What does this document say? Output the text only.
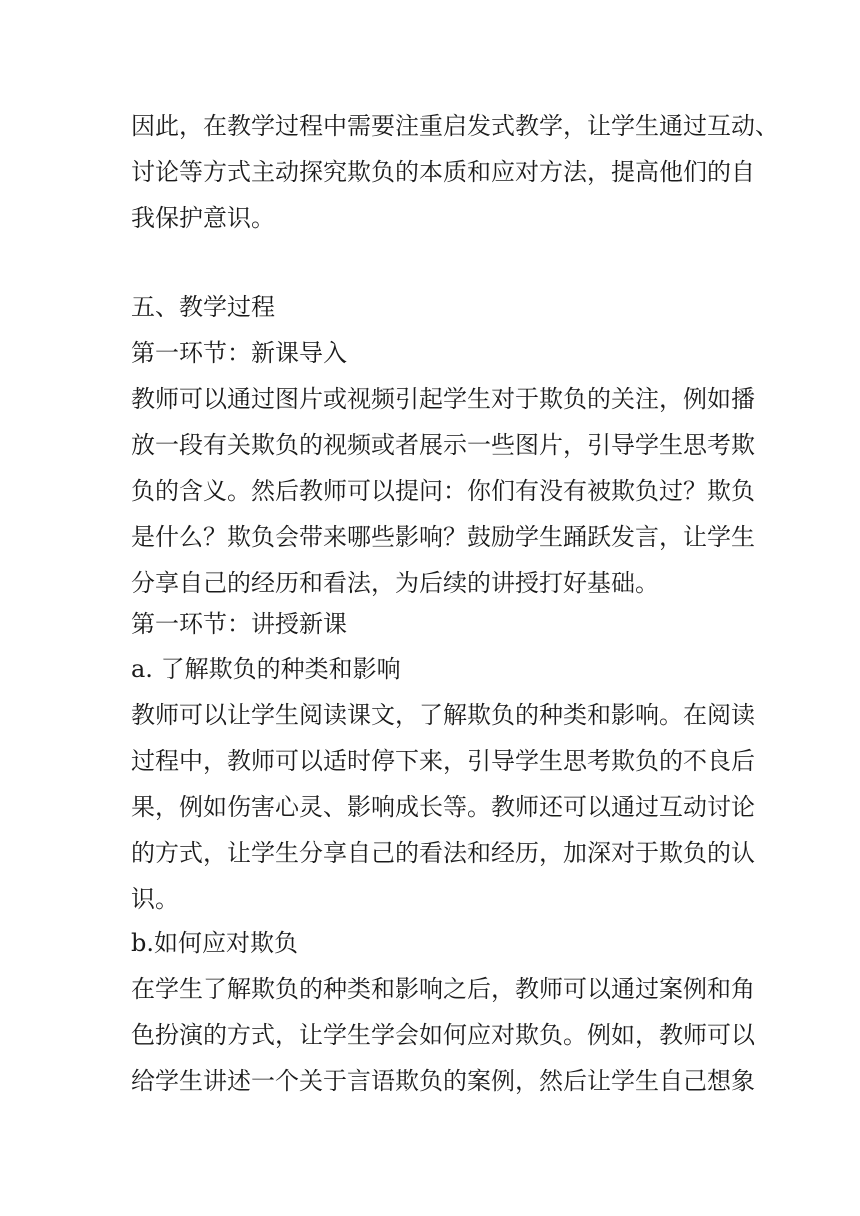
因此，在教学过程中需要注重启发式教学，让学生通过互动、
讨论等方式主动探究欺负的本质和应对方法，提高他们的自
我保护意识。
五、教学过程
第一环节：新课导入
教师可以通过图片或视频引起学生对于欺负的关注，例如播
放一段有关欺负的视频或者展示一些图片，引导学生思考欺
负的含义。然后教师可以提问：你们有没有被欺负过？欺负
是什么？欺负会带来哪些影响？鼓励学生踊跃发言，让学生
分享自己的经历和看法，为后续的讲授打好基础。
第一环节：讲授新课
a. 了解欺负的种类和影响
教师可以让学生阅读课文，了解欺负的种类和影响。在阅读
过程中，教师可以适时停下来，引导学生思考欺负的不良后
果，例如伤害心灵、影响成长等。教师还可以通过互动讨论
的方式，让学生分享自己的看法和经历，加深对于欺负的认
识。
b.如何应对欺负
在学生了解欺负的种类和影响之后，教师可以通过案例和角
色扮演的方式，让学生学会如何应对欺负。例如，教师可以
给学生讲述一个关于言语欺负的案例，然后让学生自己想象
